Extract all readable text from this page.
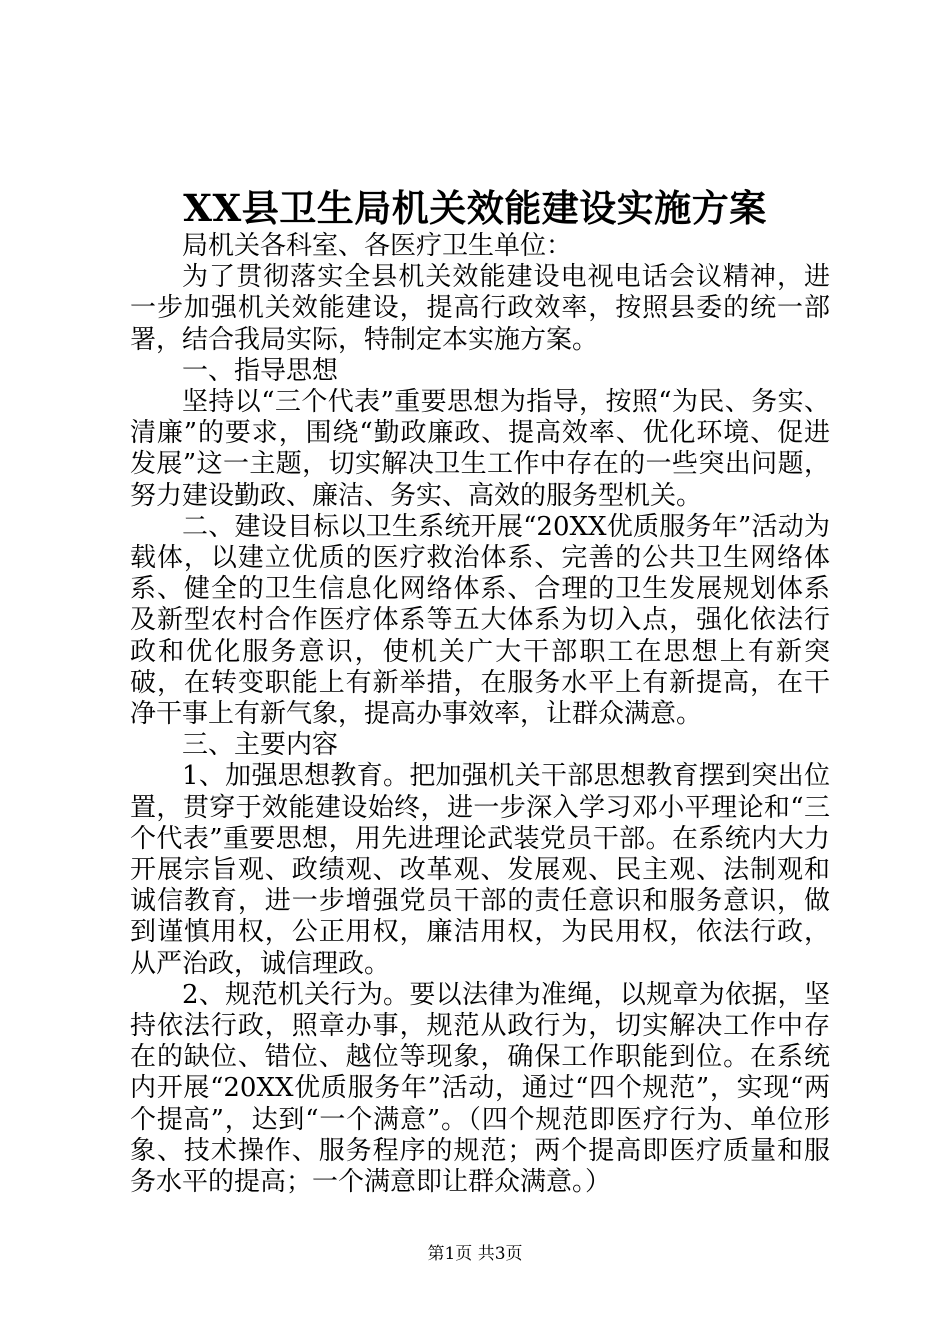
XX县卫生局机关效能建设实施方案

局机关各科室、各医疗卫生单位：

为了贯彻落实全县机关效能建设电视电话会议精神，进一步加强机关效能建设，提高行政效率，按照县委的统一部署，结合我局实际，特制定本实施方案。

一、指导思想

坚持以“三个代表”重要思想为指导，按照“为民、务实、清廉”的要求，围绕“勤政廉政、提高效率、优化环境、促进发展”这一主题，切实解决卫生工作中存在的一些突出问题，努力建设勤政、廉洁、务实、高效的服务型机关。

二、建设目标以卫生系统开展“20XX优质服务年”活动为载体，以建立优质的医疗救治体系、完善的公共卫生网络体系、健全的卫生信息化网络体系、合理的卫生发展规划体系及新型农村合作医疗体系等五大体系为切入点，强化依法行政和优化服务意识，使机关广大干部职工在思想上有新突破，在转变职能上有新举措，在服务水平上有新提高，在干净干事上有新气象，提高办事效率，让群众满意。

三、主要内容

1、加强思想教育。把加强机关干部思想教育摆到突出位置，贯穿于效能建设始终，进一步深入学习邓小平理论和“三个代表”重要思想，用先进理论武装党员干部。在系统内大力开展宗旨观、政绩观、改革观、发展观、民主观、法制观和诚信教育，进一步增强党员干部的责任意识和服务意识，做到谨慎用权，公正用权，廉洁用权，为民用权，依法行政，从严治政，诚信理政。

2、规范机关行为。要以法律为准绳，以规章为依据，坚持依法行政，照章办事，规范从政行为，切实解决工作中存在的缺位、错位、越位等现象，确保工作职能到位。在系统内开展“20XX优质服务年”活动，通过“四个规范”，实现“两个提高”，达到“一个满意”。（四个规范即医疗行为、单位形象、技术操作、服务程序的规范；两个提高即医疗质量和服务水平的提高；一个满意即让群众满意。）

第1页 共3页
